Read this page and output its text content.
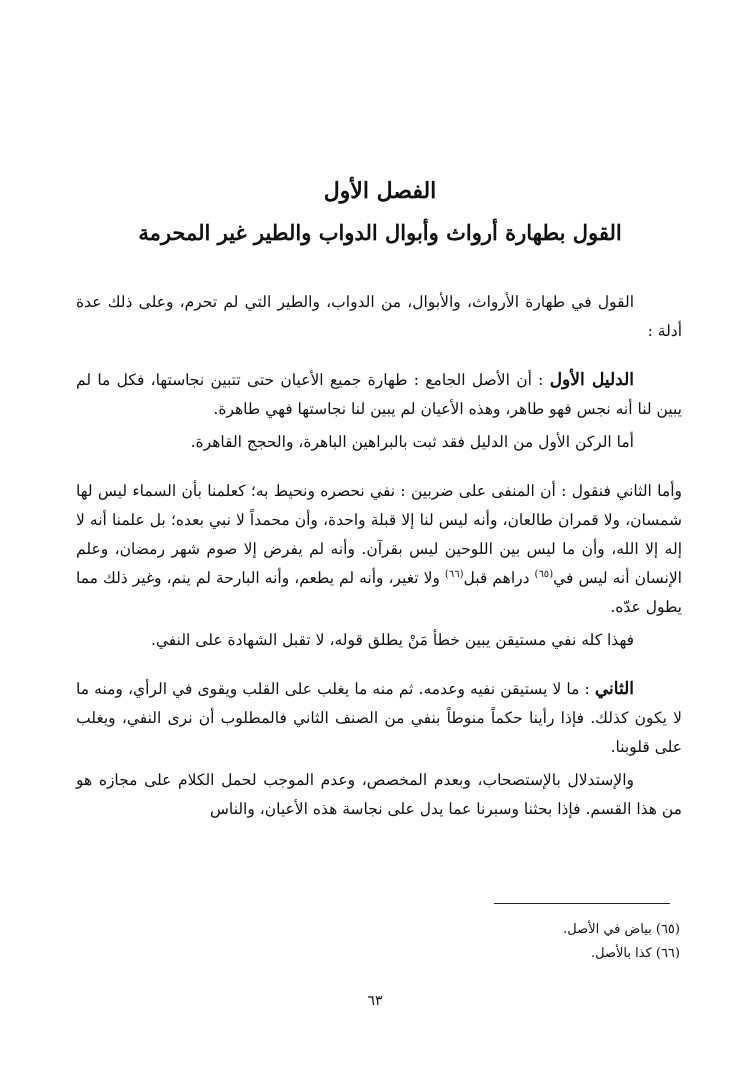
الفصل الأول

القول بطهارة أرواث وأبوال الدواب والطير غير المحرمة

القول في طهارة الأرواث، والأبوال، من الدواب، والطير التي لم تحرم، وعلى ذلك عدة أدلة :

الدليل الأول : أن الأصل الجامع : طهارة جميع الأعيان حتى تتبين نجاستها، فكل ما لم يبين لنا أنه نجس فهو طاهر، وهذه الأعيان لم يبين لنا نجاستها فهي طاهرة.

أما الركن الأول من الدليل فقد ثبت بالبراهين الباهرة، والحجج القاهرة.

وأما الثاني فنقول : أن المنفى على ضربين : نفي نحصره ونحيط به؛ كعلمنا بأن السماء ليس لها شمسان، ولا قمران طالعان، وأنه ليس لنا إلا قبلة واحدة، وأن محمداً لا نبي بعده؛ بل علمنا أنه لا إله إلا الله، وأن ما ليس بين اللوحين ليس بقرآن. وأنه لم يفرض إلا صوم شهر رمضان، وعلم الإنسان أنه ليس في$^{(٦٥)}$ دراهم قبل$^{(٦٦)}$ ولا تغير، وأنه لم يطعم، وأنه البارحة لم ينم، وغير ذلك مما يطول عدّه.

فهذا كله نفي مستيقن يبين خطأ مَنْ يطلق قوله، لا تقبل الشهادة على النفي.

الثاني : ما لا يستيقن نفيه وعدمه. ثم منه ما يغلب على القلب ويقوى في الرأي، ومنه ما لا يكون كذلك. فإذا رأينا حكماً منوطاً بنفي من الصنف الثاني فالمطلوب أن نرى النفي، ويغلب على قلوبنا.

والإستدلال بالإستصحاب، وبعدم المخصص، وعدم الموجب لحمل الكلام على مجازه هو من هذا القسم. فإذا بحثنا وسبرنا عما يدل على نجاسة هذه الأعيان، والناس

(٦٥) بياض في الأصل.

(٦٦) كذا بالأصل.

٦٣
